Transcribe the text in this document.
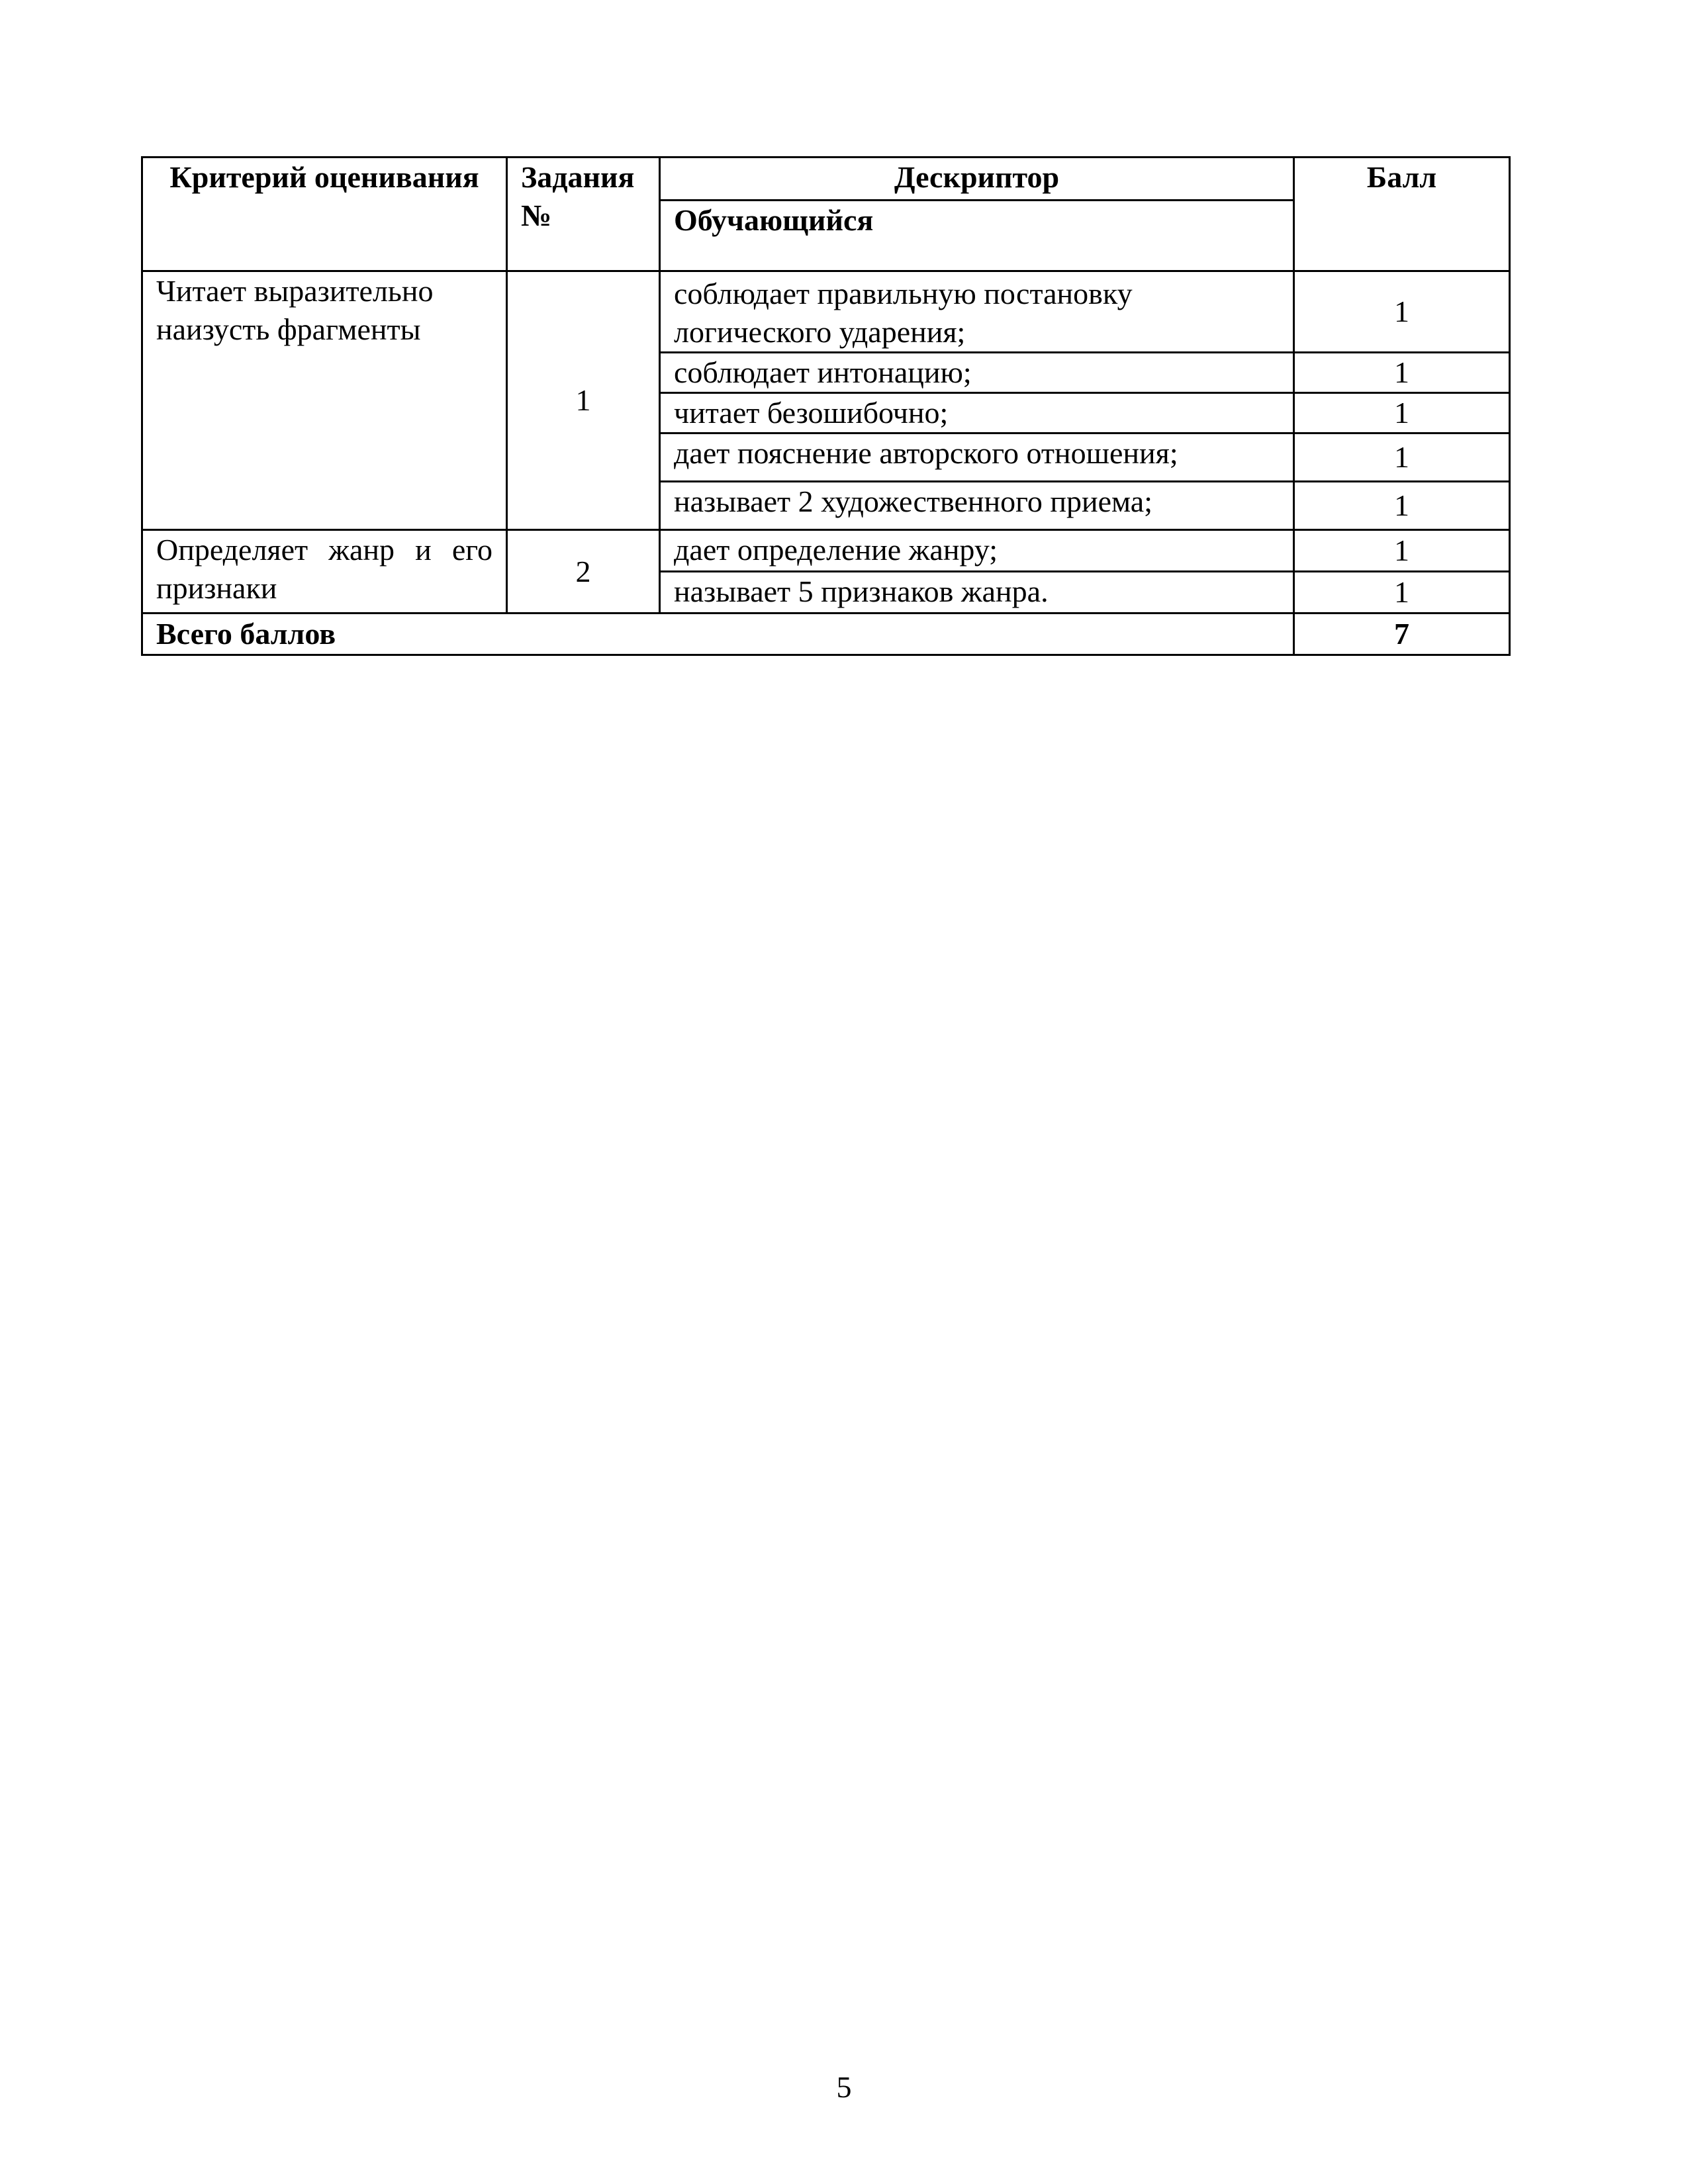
Критерий оценивания	Задания №	Дескриптор	Балл
		Обучающийся	
Читает выразительно наизусть фрагменты	1	соблюдает правильную постановку логического ударения;	1
		соблюдает интонацию;	1
		читает безошибочно;	1
		дает пояснение авторского отношения;	1
		называет 2 художественного приема;	1
Определяет жанр и его признаки	2	дает определение жанру;	1
		называет 5 признаков жанра.	1
Всего баллов			7
5
